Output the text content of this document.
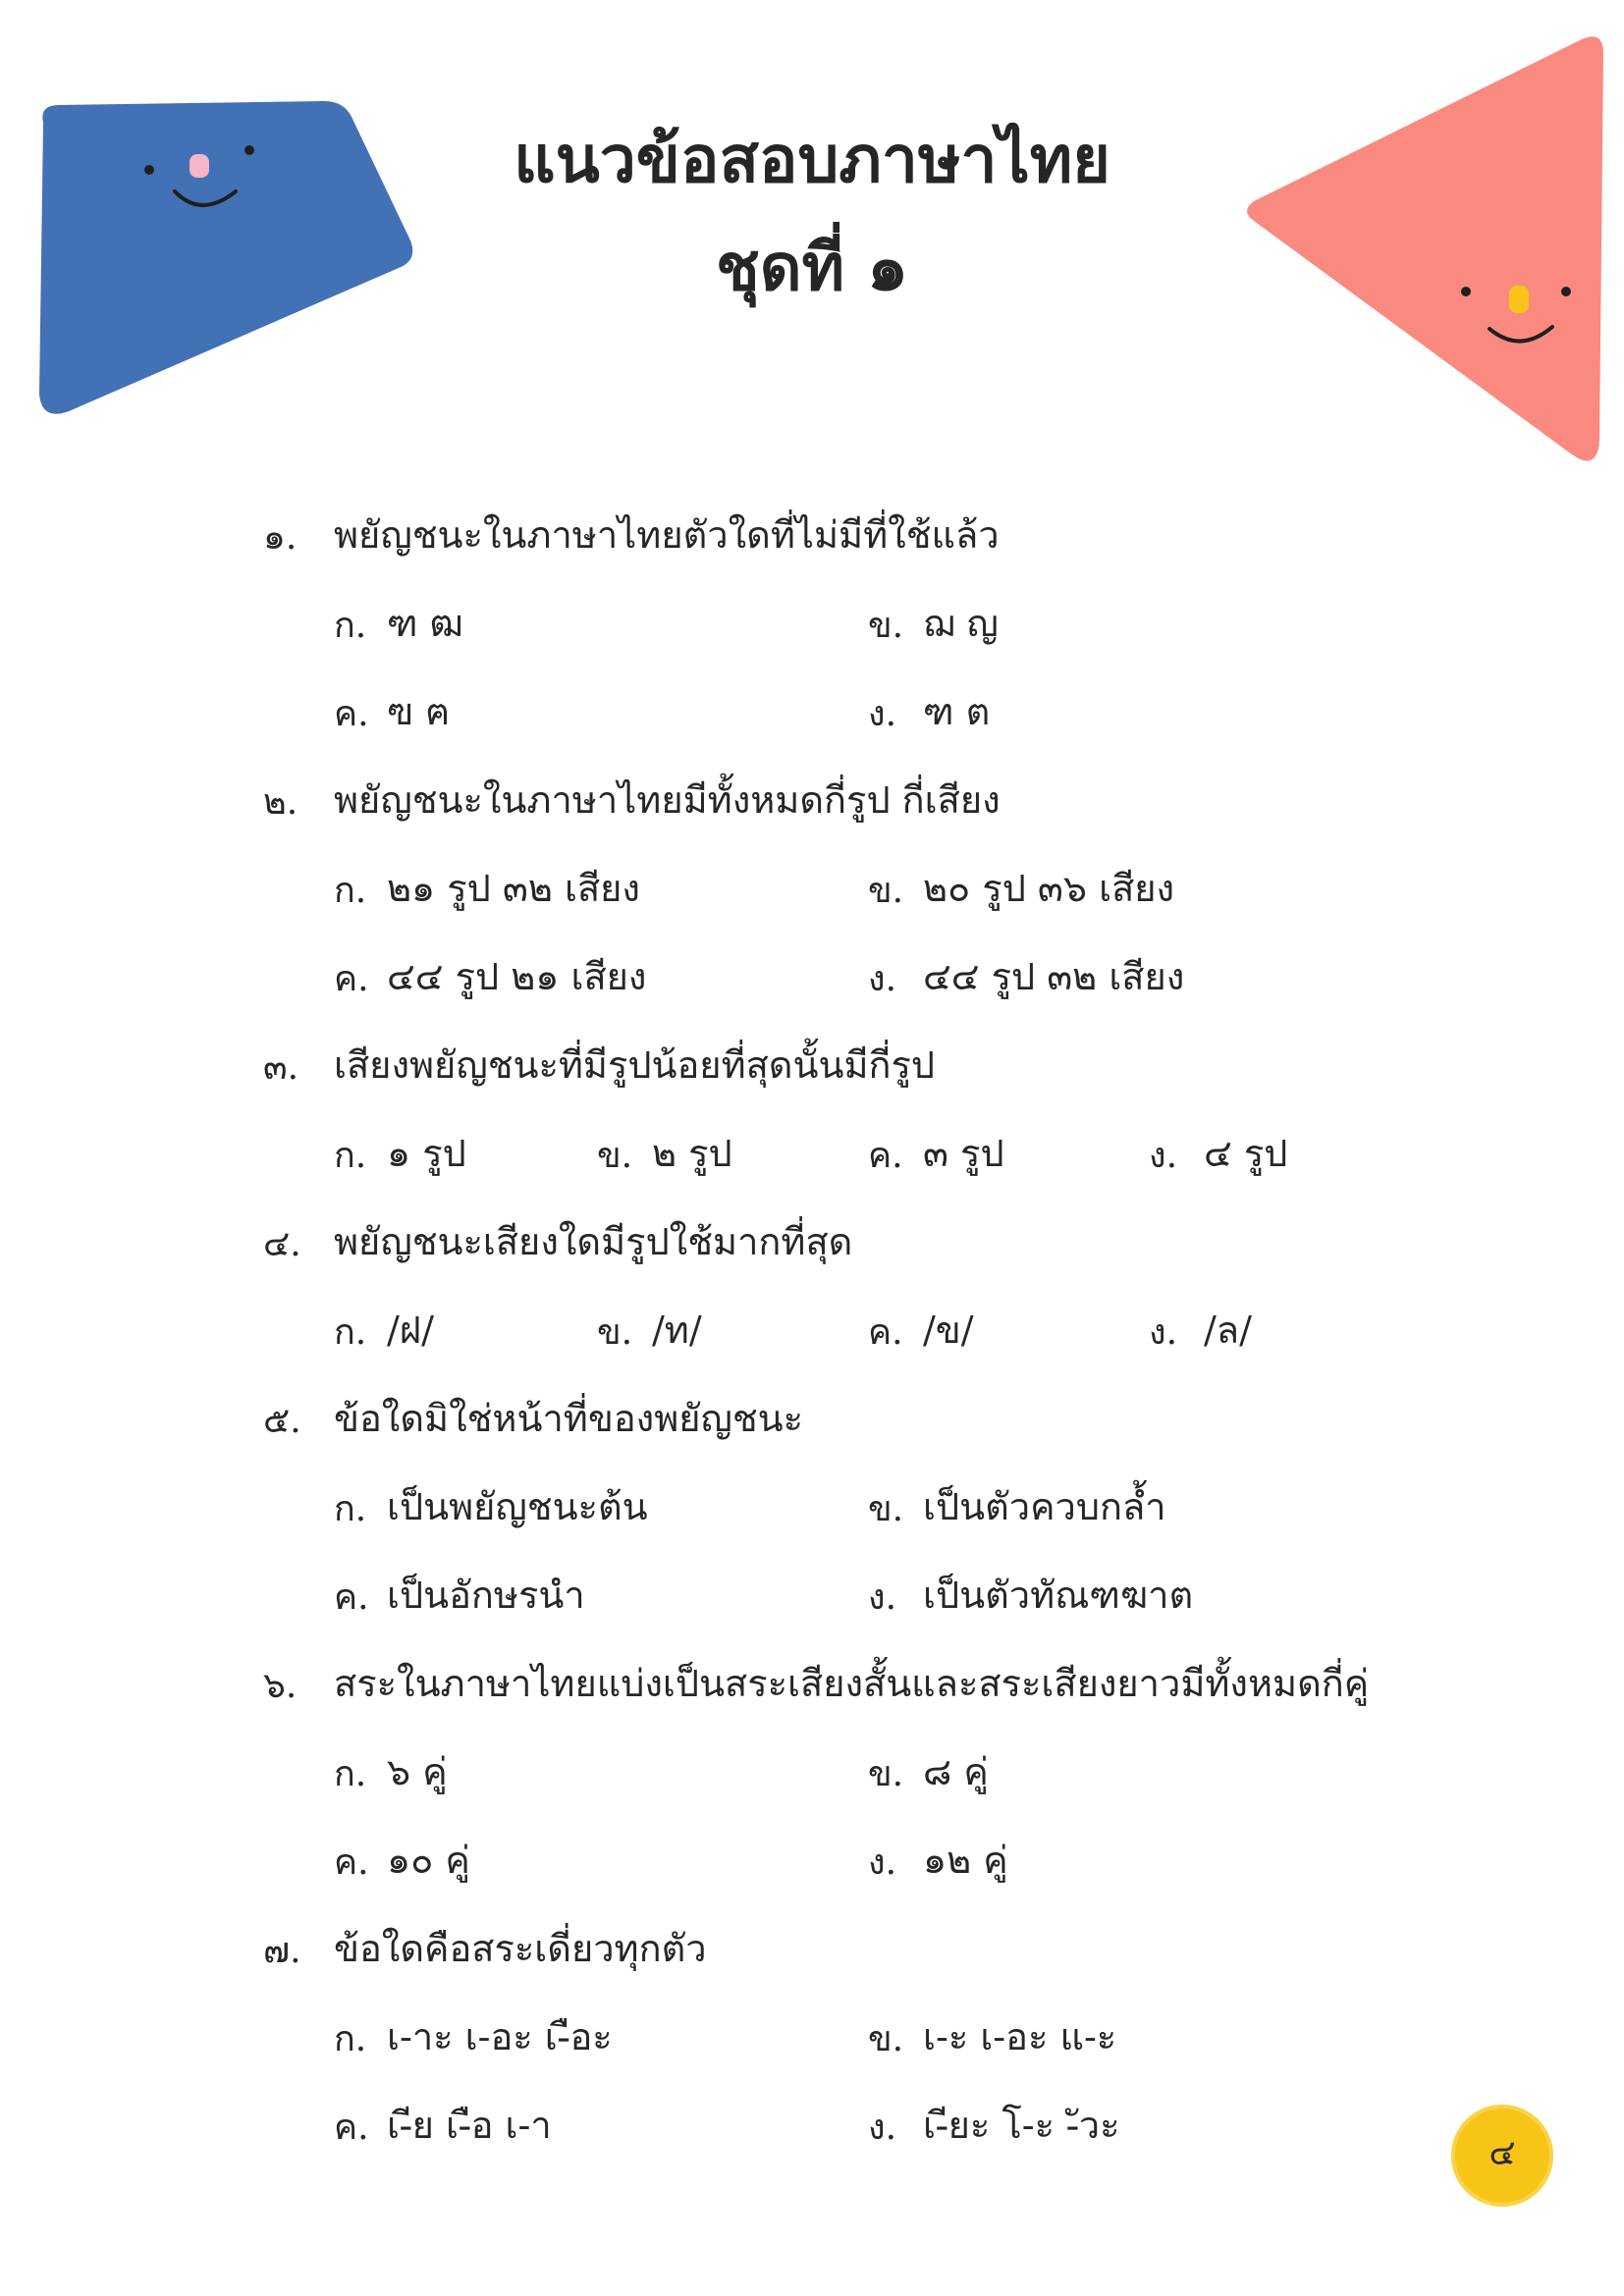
แนวข้อสอบภาษาไทย
ชุดที่ ๑
๑. พยัญชนะในภาษาไทยตัวใดที่ไม่มีที่ใช้แล้ว
ก. ฑ ฒ	ข. ฌ ญ
ค. ฃ ฅ	ง. ฑ ต
๒. พยัญชนะในภาษาไทยมีทั้งหมดกี่รูป กี่เสียง
ก. ๒๑ รูป ๓๒ เสียง	ข. ๒๐ รูป ๓๖ เสียง
ค. ๔๔ รูป ๒๑ เสียง	ง. ๔๔ รูป ๓๒ เสียง
๓. เสียงพยัญชนะที่มีรูปน้อยที่สุดนั้นมีกี่รูป
ก. ๑ รูป	ข. ๒ รูป	ค. ๓ รูป	ง. ๔ รูป
๔. พยัญชนะเสียงใดมีรูปใช้มากที่สุด
ก. /ฝ/	ข. /ท/	ค. /ข/	ง. /ล/
๕. ข้อใดมิใช่หน้าที่ของพยัญชนะ
ก. เป็นพยัญชนะต้น	ข. เป็นตัวควบกล้ำ
ค. เป็นอักษรนำ	ง. เป็นตัวทัณฑฆาต
๖. สระในภาษาไทยแบ่งเป็นสระเสียงสั้นและสระเสียงยาวมีทั้งหมดกี่คู่
ก. ๖ คู่	ข. ๘ คู่
ค. ๑๐ คู่	ง. ๑๒ คู่
๗. ข้อใดคือสระเดี่ยวทุกตัว
ก. เ-าะ เ-อะ เ-ือะ	ข. เ-ะ เ-อะ แ-ะ
ค. เ-ีย เ-ือ เ-า	ง. เ-ียะ โ-ะ -ัวะ
๔
